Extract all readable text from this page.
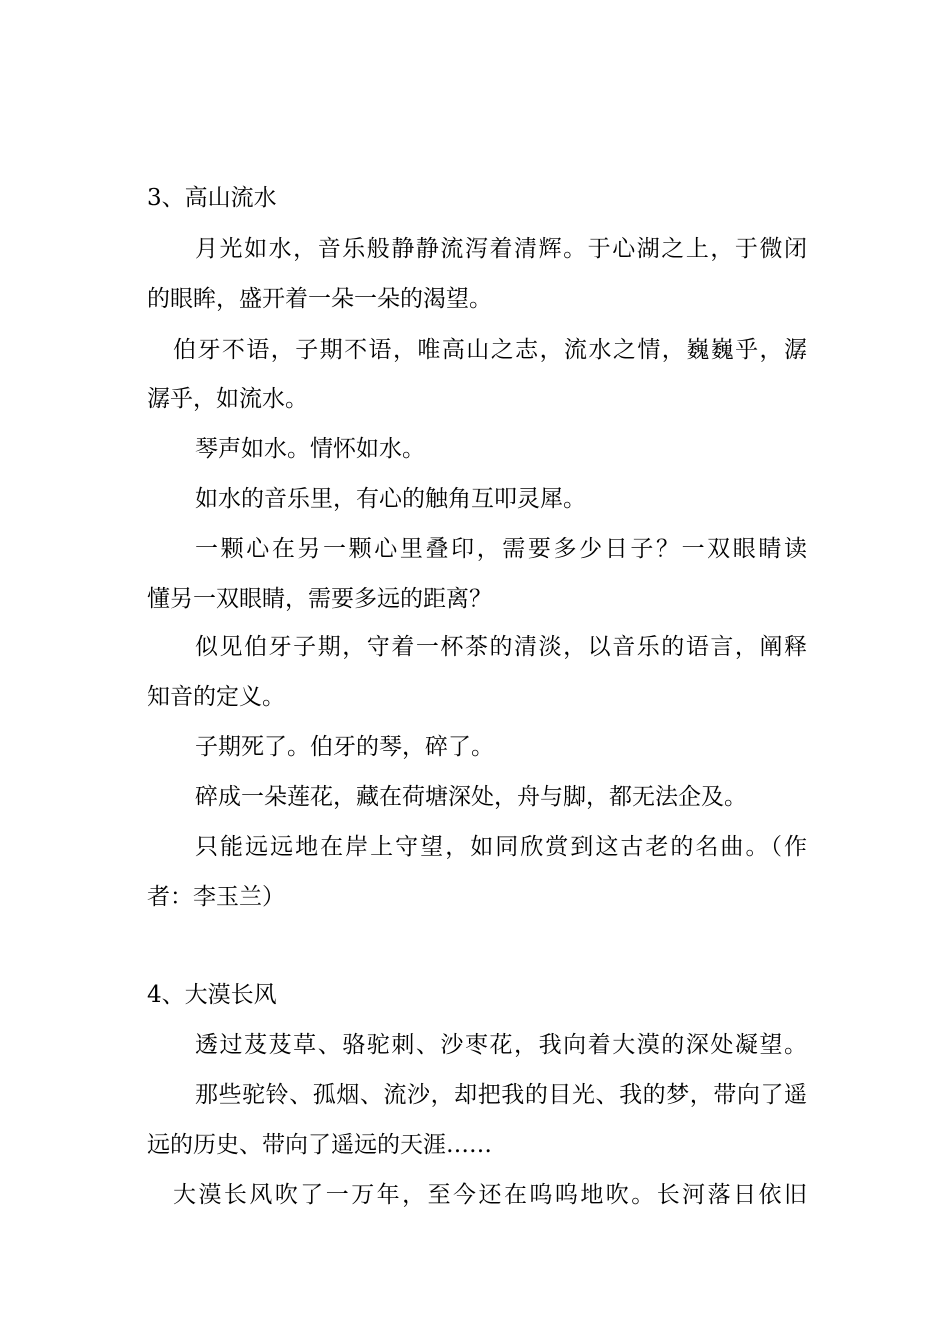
3、高山流水
月光如水，音乐般静静流泻着清辉。于心湖之上，于微闭
的眼眸，盛开着一朵一朵的渴望。
伯牙不语，子期不语，唯高山之志，流水之情，巍巍乎，潺
潺乎，如流水。
琴声如水。情怀如水。
如水的音乐里，有心的触角互叩灵犀。
一颗心在另一颗心里叠印，需要多少日子？一双眼睛读
懂另一双眼睛，需要多远的距离？
似见伯牙子期，守着一杯茶的清淡，以音乐的语言，阐释
知音的定义。
子期死了。伯牙的琴，碎了。
碎成一朵莲花，藏在荷塘深处，舟与脚，都无法企及。
只能远远地在岸上守望，如同欣赏到这古老的名曲。（作
者：李玉兰）
4、大漠长风
透过芨芨草、骆驼刺、沙枣花，我向着大漠的深处凝望。
那些驼铃、孤烟、流沙，却把我的目光、我的梦，带向了遥
远的历史、带向了遥远的天涯……
大漠长风吹了一万年，至今还在呜呜地吹。长河落日依旧
